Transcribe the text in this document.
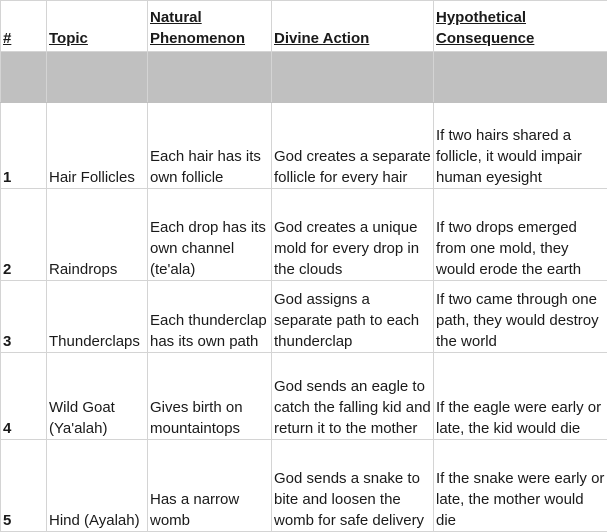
#	Topic	Natural Phenomenon	Divine Action	Hypothetical Consequence

1	Hair Follicles	Each hair has its own follicle	God creates a separate follicle for every hair	If two hairs shared a follicle, it would impair human eyesight
2	Raindrops	Each drop has its own channel (te'ala)	God creates a unique mold for every drop in the clouds	If two drops emerged from one mold, they would erode the earth
3	Thunderclaps	Each thunderclap has its own path	God assigns a separate path to each thunderclap	If two came through one path, they would destroy the world
4	Wild Goat (Ya'alah)	Gives birth on mountaintops	God sends an eagle to catch the falling kid and return it to the mother	If the eagle were early or late, the kid would die
5	Hind (Ayalah)	Has a narrow womb	God sends a snake to bite and loosen the womb for safe delivery	If the snake were early or late, the mother would die
